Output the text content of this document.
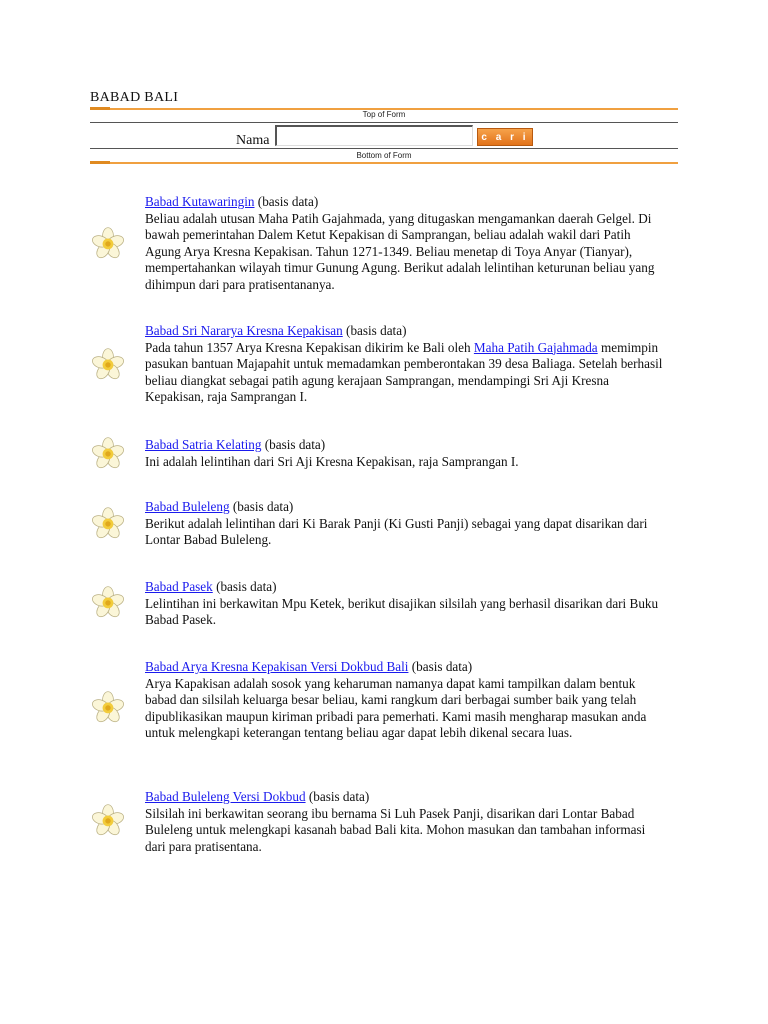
BABAD BALI
Top of Form
Nama	c a r i
Bottom of Form
Babad Kutawaringin (basis data)
Beliau adalah utusan Maha Patih Gajahmada, yang ditugaskan mengamankan daerah Gelgel. Di bawah pemerintahan Dalem Ketut Kepakisan di Samprangan, beliau adalah wakil dari Patih Agung Arya Kresna Kepakisan. Tahun 1271-1349. Beliau menetap di Toya Anyar (Tianyar), mempertahankan wilayah timur Gunung Agung. Berikut adalah lelintihan keturunan beliau yang dihimpun dari para pratisentananya.
Babad Sri Nararya Kresna Kepakisan (basis data)
Pada tahun 1357 Arya Kresna Kepakisan dikirim ke Bali oleh Maha Patih Gajahmada memimpin pasukan bantuan Majapahit untuk memadamkan pemberontakan 39 desa Baliaga. Setelah berhasil beliau diangkat sebagai patih agung kerajaan Samprangan, mendampingi Sri Aji Kresna Kepakisan, raja Samprangan I.
Babad Satria Kelating (basis data)
Ini adalah lelintihan dari Sri Aji Kresna Kepakisan, raja Samprangan I.
Babad Buleleng (basis data)
Berikut adalah lelintihan dari Ki Barak Panji (Ki Gusti Panji) sebagai yang dapat disarikan dari Lontar Babad Buleleng.
Babad Pasek (basis data)
Lelintihan ini berkawitan Mpu Ketek, berikut disajikan silsilah yang berhasil disarikan dari Buku Babad Pasek.
Babad Arya Kresna Kepakisan Versi Dokbud Bali (basis data)
Arya Kapakisan adalah sosok yang keharuman namanya dapat kami tampilkan dalam bentuk babad dan silsilah keluarga besar beliau, kami rangkum dari berbagai sumber baik yang telah dipublikasikan maupun kiriman pribadi para pemerhati. Kami masih mengharap masukan anda untuk melengkapi keterangan tentang beliau agar dapat lebih dikenal secara luas.
Babad Buleleng Versi Dokbud (basis data)
Silsilah ini berkawitan seorang ibu bernama Si Luh Pasek Panji, disarikan dari Lontar Babad Buleleng untuk melengkapi kasanah babad Bali kita. Mohon masukan dan tambahan informasi dari para pratisentana.
